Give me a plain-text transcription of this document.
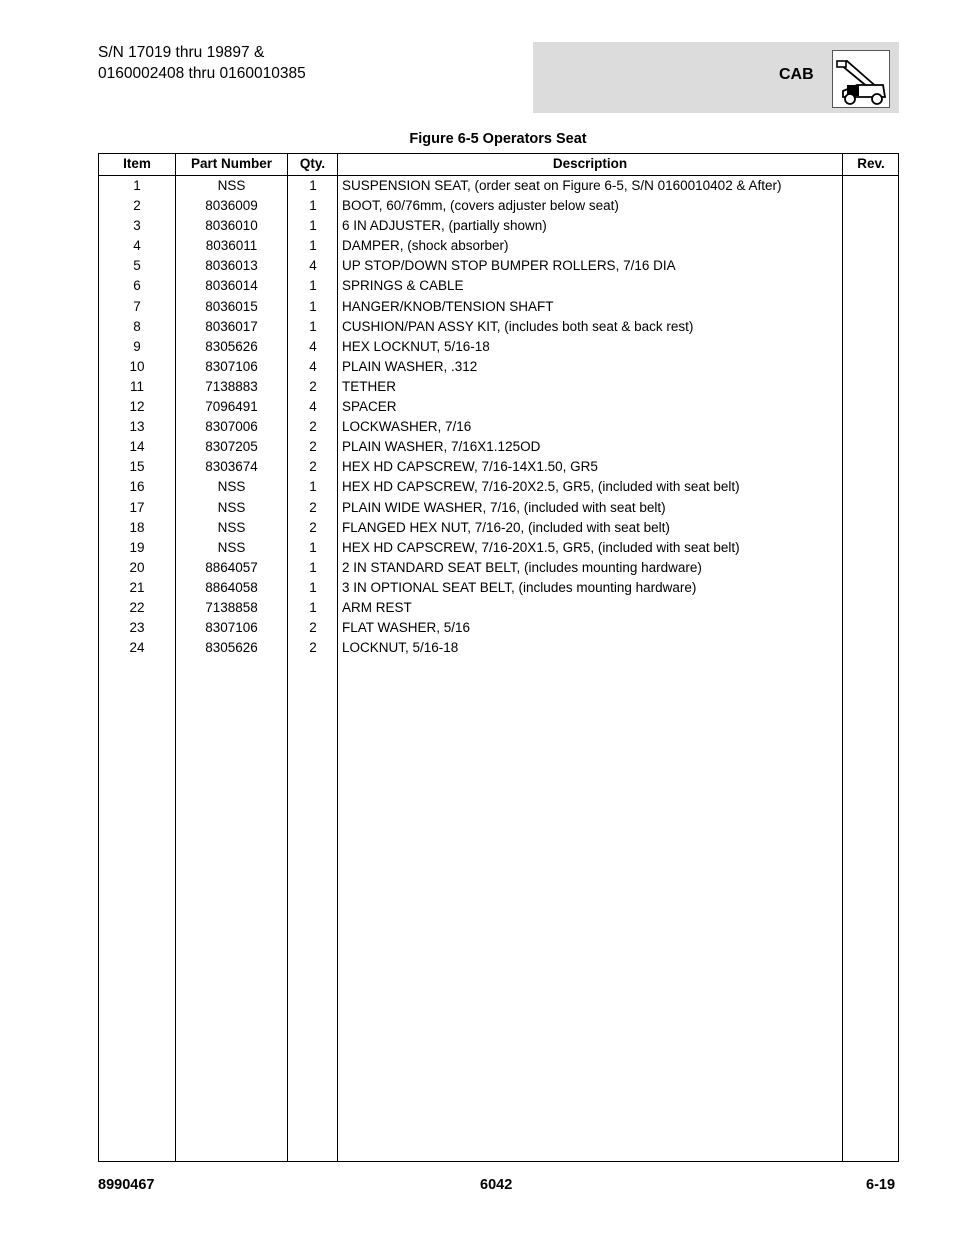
S/N 17019 thru 19897 &
0160002408 thru 0160010385	CAB
Figure 6-5 Operators Seat
Item	Part Number	Qty.	Description	Rev.
1	NSS	1	SUSPENSION SEAT, (order seat on Figure 6-5, S/N 0160010402 & After)
2	8036009	1	BOOT, 60/76mm, (covers adjuster below seat)
3	8036010	1	6 IN ADJUSTER, (partially shown)
4	8036011	1	DAMPER, (shock absorber)
5	8036013	4	UP STOP/DOWN STOP BUMPER ROLLERS, 7/16 DIA
6	8036014	1	SPRINGS & CABLE
7	8036015	1	HANGER/KNOB/TENSION SHAFT
8	8036017	1	CUSHION/PAN ASSY KIT, (includes both seat & back rest)
9	8305626	4	HEX LOCKNUT, 5/16-18
10	8307106	4	PLAIN WASHER, .312
11	7138883	2	TETHER
12	7096491	4	SPACER
13	8307006	2	LOCKWASHER, 7/16
14	8307205	2	PLAIN WASHER, 7/16X1.125OD
15	8303674	2	HEX HD CAPSCREW, 7/16-14X1.50, GR5
16	NSS	1	HEX HD CAPSCREW, 7/16-20X2.5, GR5, (included with seat belt)
17	NSS	2	PLAIN WIDE WASHER, 7/16, (included with seat belt)
18	NSS	2	FLANGED HEX NUT, 7/16-20, (included with seat belt)
19	NSS	1	HEX HD CAPSCREW, 7/16-20X1.5, GR5, (included with seat belt)
20	8864057	1	2 IN STANDARD SEAT BELT, (includes mounting hardware)
21	8864058	1	3 IN OPTIONAL SEAT BELT, (includes mounting hardware)
22	7138858	1	ARM REST
23	8307106	2	FLAT WASHER, 5/16
24	8305626	2	LOCKNUT, 5/16-18
8990467	6042	6-19
